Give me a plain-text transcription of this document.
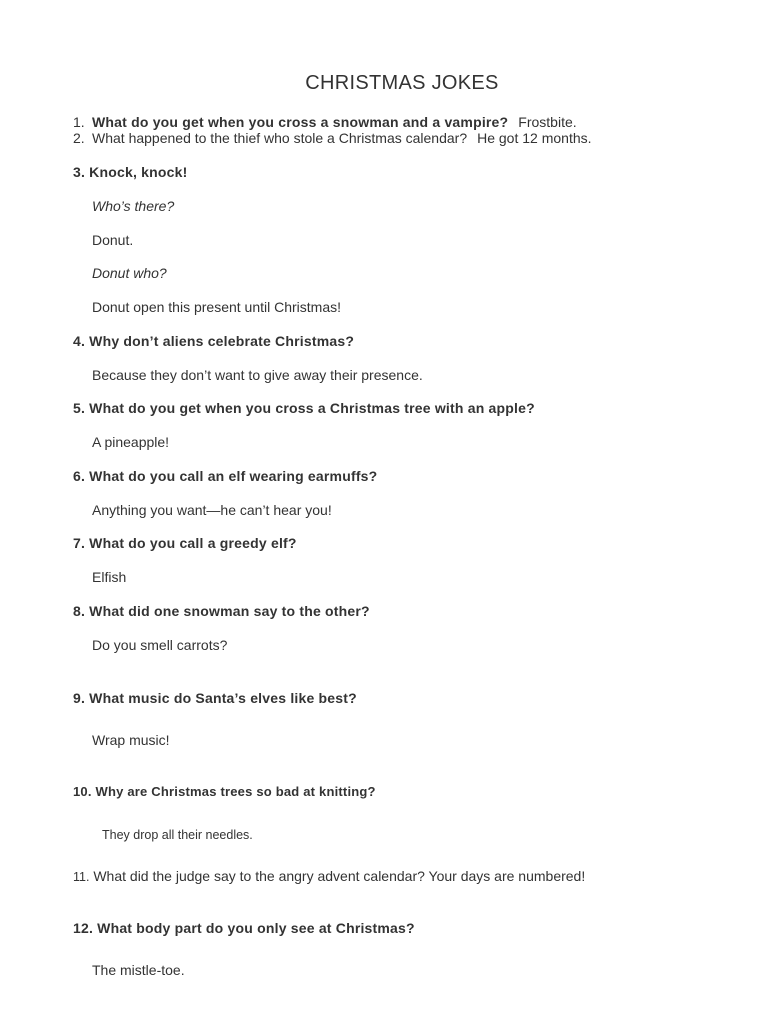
CHRISTMAS JOKES
1. What do you get when you cross a snowman and a vampire? Frostbite.
2. What happened to the thief who stole a Christmas calendar? He got 12 months.
3. Knock, knock!
Who’s there?
Donut.
Donut who?
Donut open this present until Christmas!
4. Why don’t aliens celebrate Christmas?
Because they don’t want to give away their presence.
5. What do you get when you cross a Christmas tree with an apple?
A pineapple!
6. What do you call an elf wearing earmuffs?
Anything you want—he can’t hear you!
7. What do you call a greedy elf?
Elfish
8. What did one snowman say to the other?
Do you smell carrots?
9. What music do Santa’s elves like best?
Wrap music!
10. Why are Christmas trees so bad at knitting?
They drop all their needles.
11. What did the judge say to the angry advent calendar? Your days are numbered!
12. What body part do you only see at Christmas?
The mistle-toe.
